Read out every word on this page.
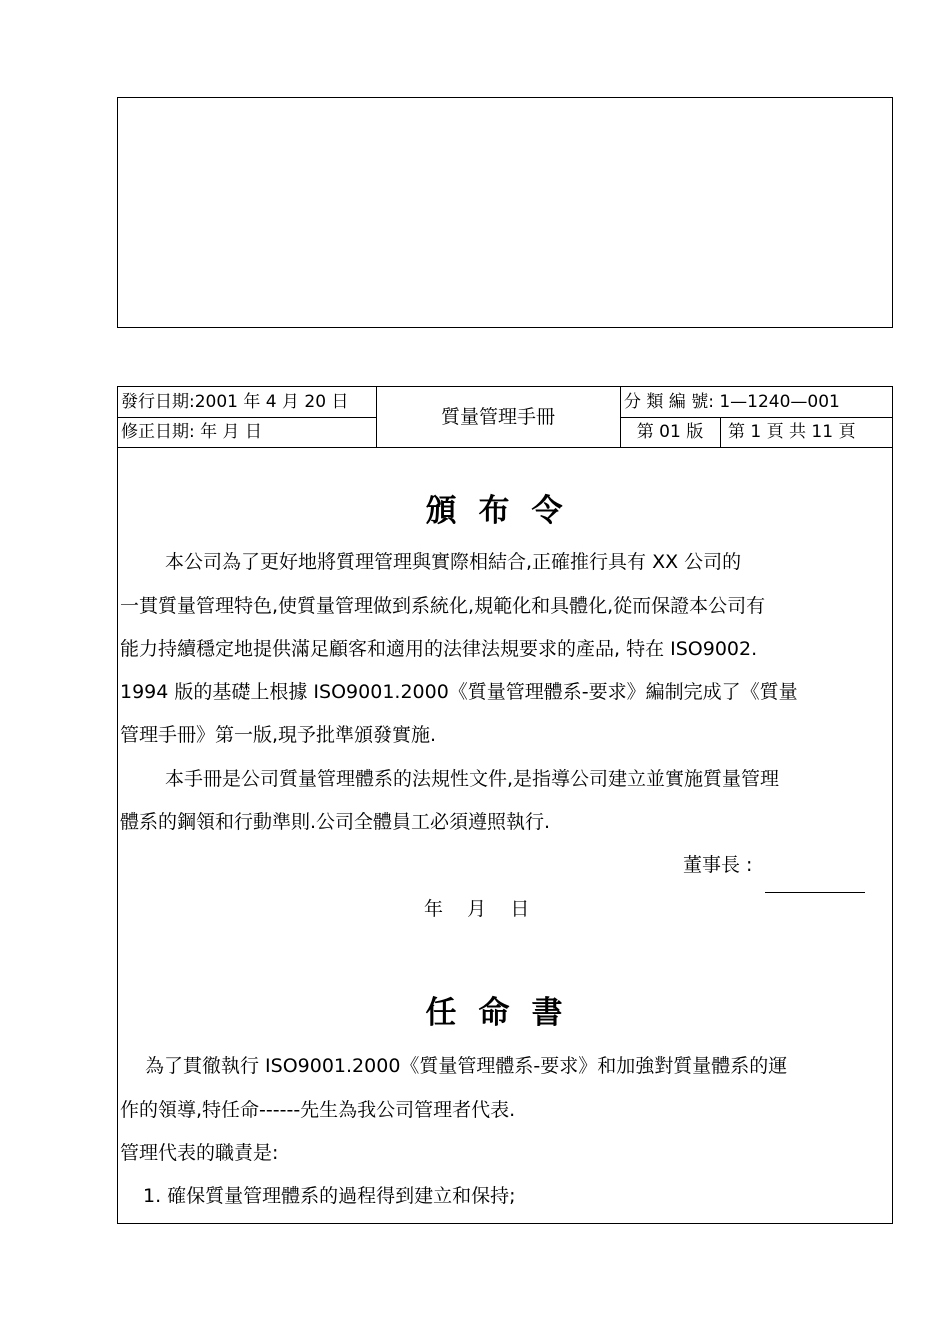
發行日期:2001 年 4 月 20 日
修正日期: 年 月 日
質量管理手冊
分 類 編 號: 1—1240—001
第 01 版	第 1 頁 共 11 頁
頒布令
本公司為了更好地將質理管理與實際相結合,正確推行具有 XX 公司的
一貫質量管理特色,使質量管理做到系統化,規範化和具體化,從而保證本公司有
能力持續穩定地提供滿足顧客和適用的法律法規要求的產品, 特在 ISO9002.
1994 版的基礎上根據 ISO9001.2000《質量管理體系-要求》編制完成了《質量
管理手冊》第一版,現予批準頒發實施.
本手冊是公司質量管理體系的法規性文件,是指導公司建立並實施質量管理
體系的鋼領和行動準則.公司全體員工必須遵照執行.
董事長 :
年    月    日
任命書
為了貫徹執行 ISO9001.2000《質量管理體系-要求》和加強對質量體系的運
作的領導,特任命------先生為我公司管理者代表.
管理代表的職責是:
1. 確保質量管理體系的過程得到建立和保持;
